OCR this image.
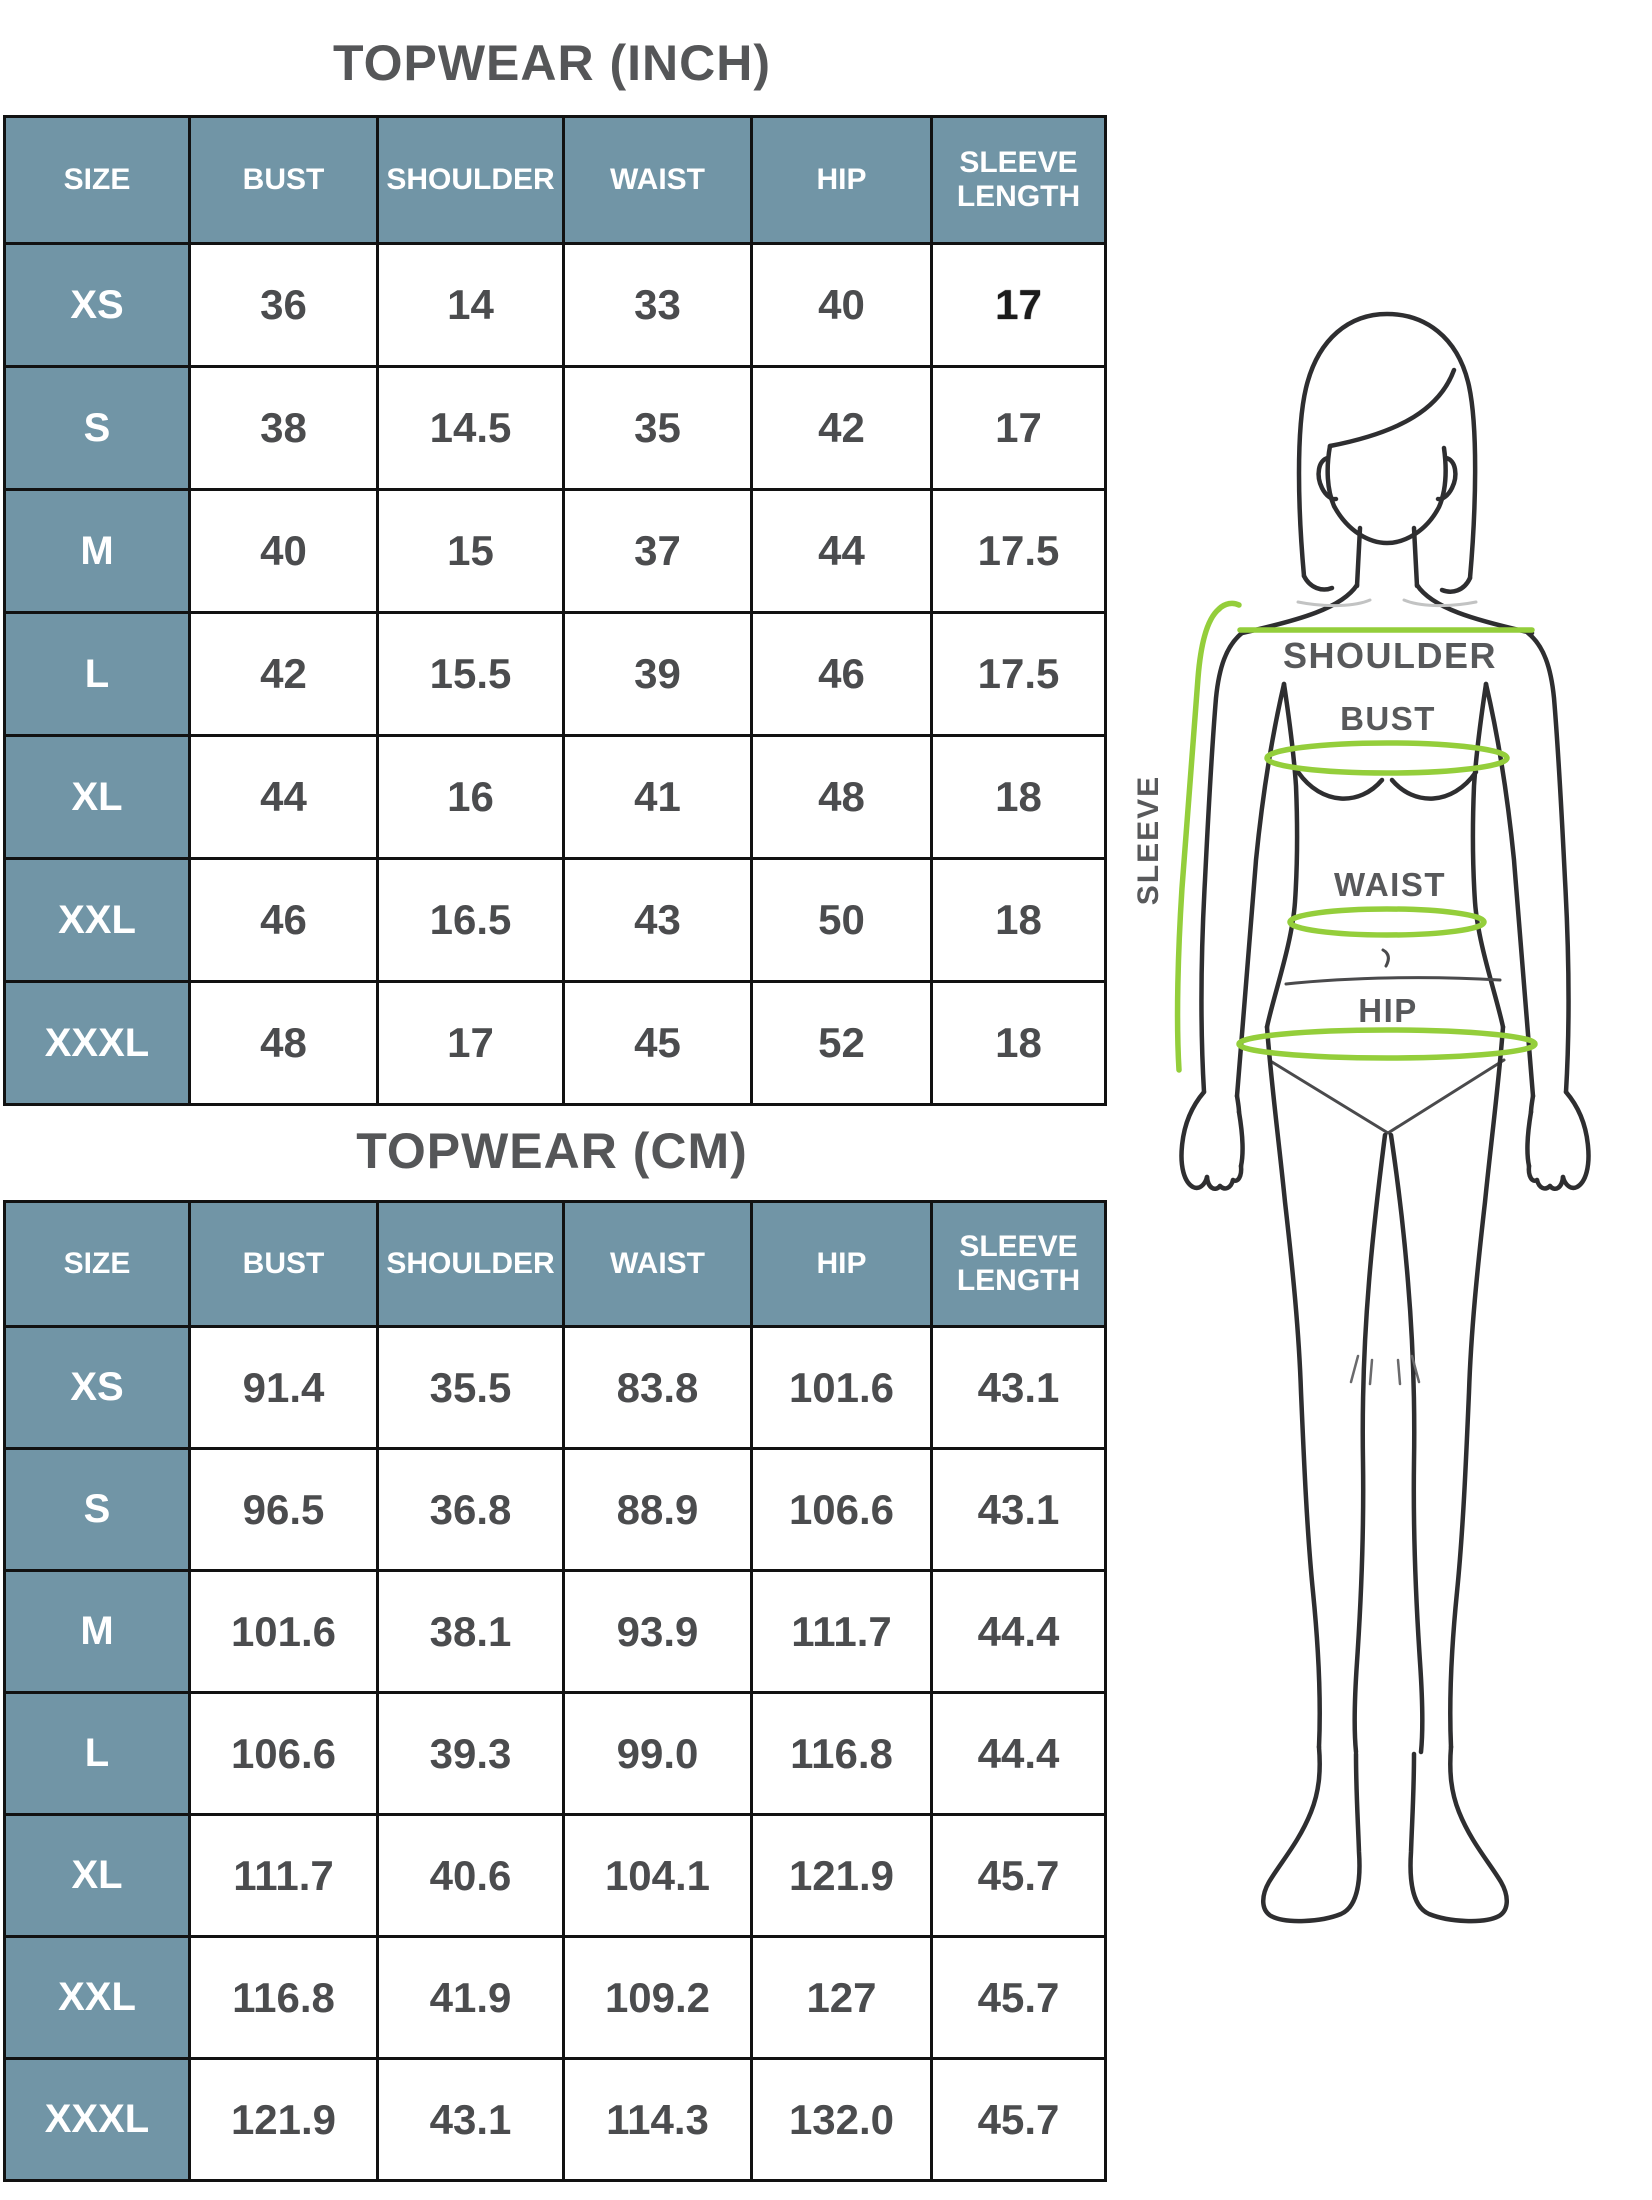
TOPWEAR (INCH)
SIZE	BUST	SHOULDER	WAIST	HIP	SLEEVE LENGTH
XS	36	14	33	40	17
S	38	14.5	35	42	17
M	40	15	37	44	17.5
L	42	15.5	39	46	17.5
XL	44	16	41	48	18
XXL	46	16.5	43	50	18
XXXL	48	17	45	52	18
TOPWEAR (CM)
SIZE	BUST	SHOULDER	WAIST	HIP	SLEEVE LENGTH
XS	91.4	35.5	83.8	101.6	43.1
S	96.5	36.8	88.9	106.6	43.1
M	101.6	38.1	93.9	111.7	44.4
L	106.6	39.3	99.0	116.8	44.4
XL	111.7	40.6	104.1	121.9	45.7
XXL	116.8	41.9	109.2	127	45.7
XXXL	121.9	43.1	114.3	132.0	45.7
SHOULDER
BUST
WAIST
HIP
SLEEVE
